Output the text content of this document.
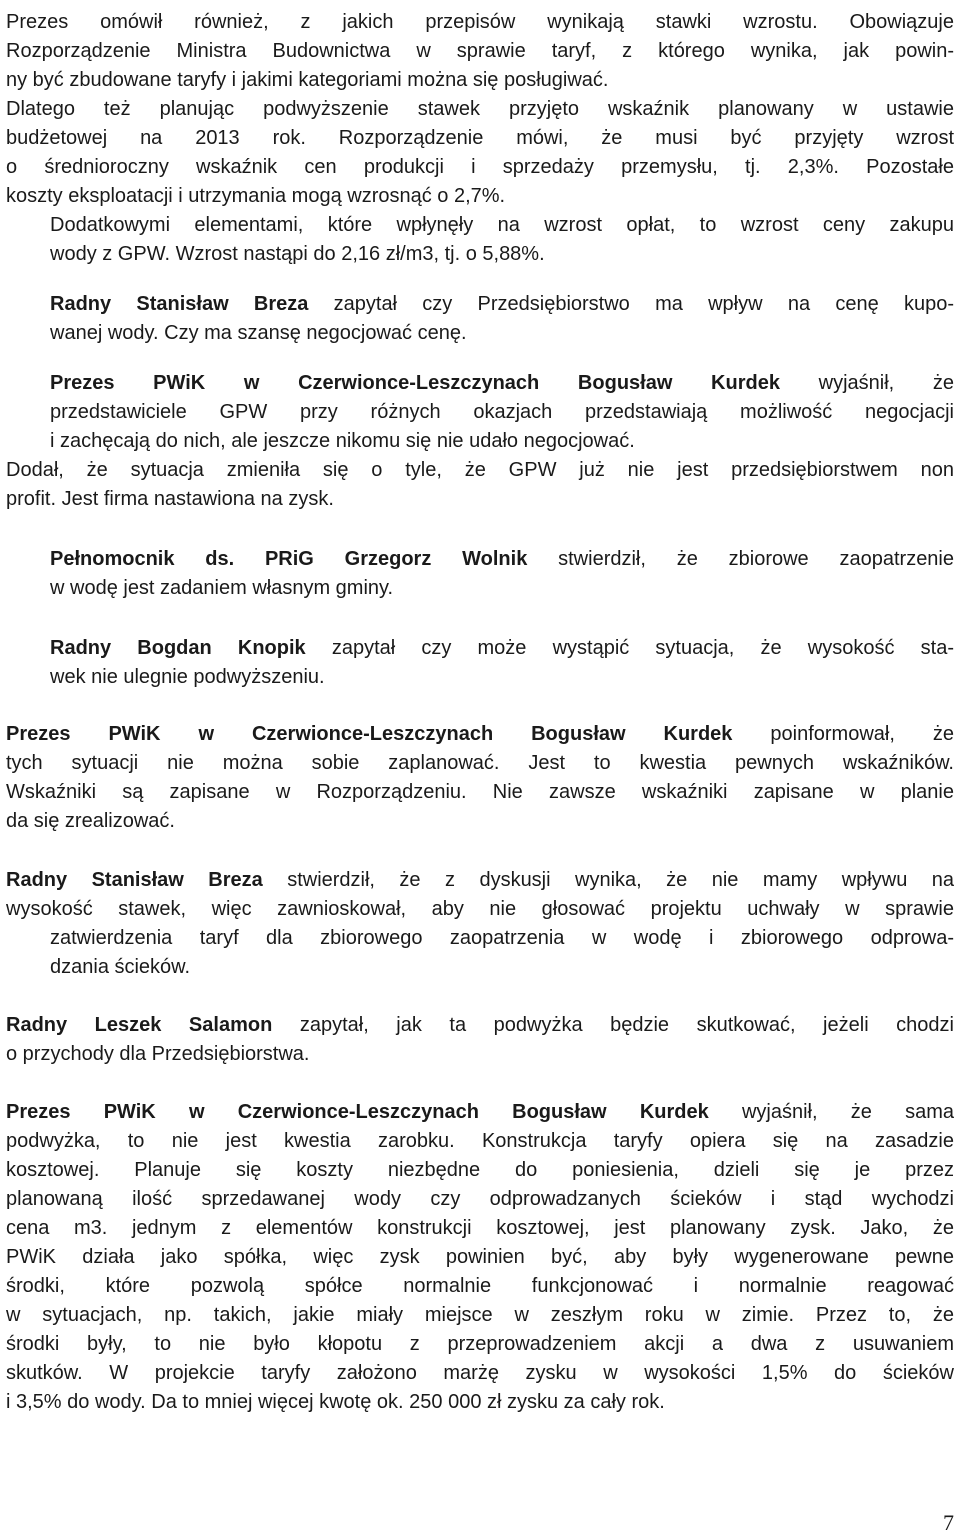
Prezes omówił również, z jakich przepisów wynikają stawki wzrostu. Obowiązuje
Rozporządzenie Ministra Budownictwa w sprawie taryf, z którego wynika, jak powin-
ny być zbudowane taryfy i jakimi kategoriami można się posługiwać.
Dlatego też planując podwyższenie stawek przyjęto wskaźnik planowany w ustawie
budżetowej na 2013 rok. Rozporządzenie mówi, że musi być przyjęty wzrost
o średnioroczny wskaźnik cen produkcji i sprzedaży przemysłu, tj. 2,3%. Pozostałe
koszty eksploatacji i utrzymania mogą wzrosnąć o 2,7%.
Dodatkowymi elementami, które wpłynęły na wzrost opłat, to wzrost ceny zakupu
wody z GPW. Wzrost nastąpi do 2,16 zł/m3, tj. o 5,88%.
Radny Stanisław Breza zapytał czy Przedsiębiorstwo ma wpływ na cenę kupo-
wanej wody. Czy ma szansę negocjować cenę.
Prezes PWiK w Czerwionce-Leszczynach Bogusław Kurdek wyjaśnił, że
przedstawiciele GPW przy różnych okazjach przedstawiają możliwość negocjacji
i zachęcają do nich, ale jeszcze nikomu się nie udało negocjować.
Dodał, że sytuacja zmieniła się o tyle, że GPW już nie jest przedsiębiorstwem non
profit. Jest firma nastawiona na zysk.
Pełnomocnik ds. PRiG Grzegorz Wolnik stwierdził, że zbiorowe zaopatrzenie
w wodę jest zadaniem własnym gminy.
Radny Bogdan Knopik zapytał czy może wystąpić sytuacja, że wysokość sta-
wek nie ulegnie podwyższeniu.
Prezes PWiK w Czerwionce-Leszczynach Bogusław Kurdek poinformował, że
tych sytuacji nie można sobie zaplanować. Jest to kwestia pewnych wskaźników.
Wskaźniki są zapisane w Rozporządzeniu. Nie zawsze wskaźniki zapisane w planie
da się zrealizować.
Radny Stanisław Breza stwierdził, że z dyskusji wynika, że nie mamy wpływu na
wysokość stawek, więc zawnioskował, aby nie głosować projektu uchwały w sprawie
zatwierdzenia taryf dla zbiorowego zaopatrzenia w wodę i zbiorowego odprowa-
dzania ścieków.
Radny Leszek Salamon zapytał, jak ta podwyżka będzie skutkować, jeżeli chodzi
o przychody dla Przedsiębiorstwa.
Prezes PWiK w Czerwionce-Leszczynach Bogusław Kurdek wyjaśnił, że sama
podwyżka, to nie jest kwestia zarobku. Konstrukcja taryfy opiera się na zasadzie
kosztowej. Planuje się koszty niezbędne do poniesienia, dzieli się je przez
planowaną ilość sprzedawanej wody czy odprowadzanych ścieków i stąd wychodzi
cena m3. jednym z elementów konstrukcji kosztowej, jest planowany zysk. Jako, że
PWiK działa jako spółka, więc zysk powinien być, aby były wygenerowane pewne
środki, które pozwolą spółce normalnie funkcjonować i normalnie reagować
w sytuacjach, np. takich, jakie miały miejsce w zeszłym roku w zimie. Przez to, że
środki były, to nie było kłopotu z przeprowadzeniem akcji a dwa z usuwaniem
skutków. W projekcie taryfy założono marżę zysku w wysokości 1,5% do ścieków
i 3,5% do wody. Da to mniej więcej kwotę ok. 250 000 zł zysku za cały rok.
7
